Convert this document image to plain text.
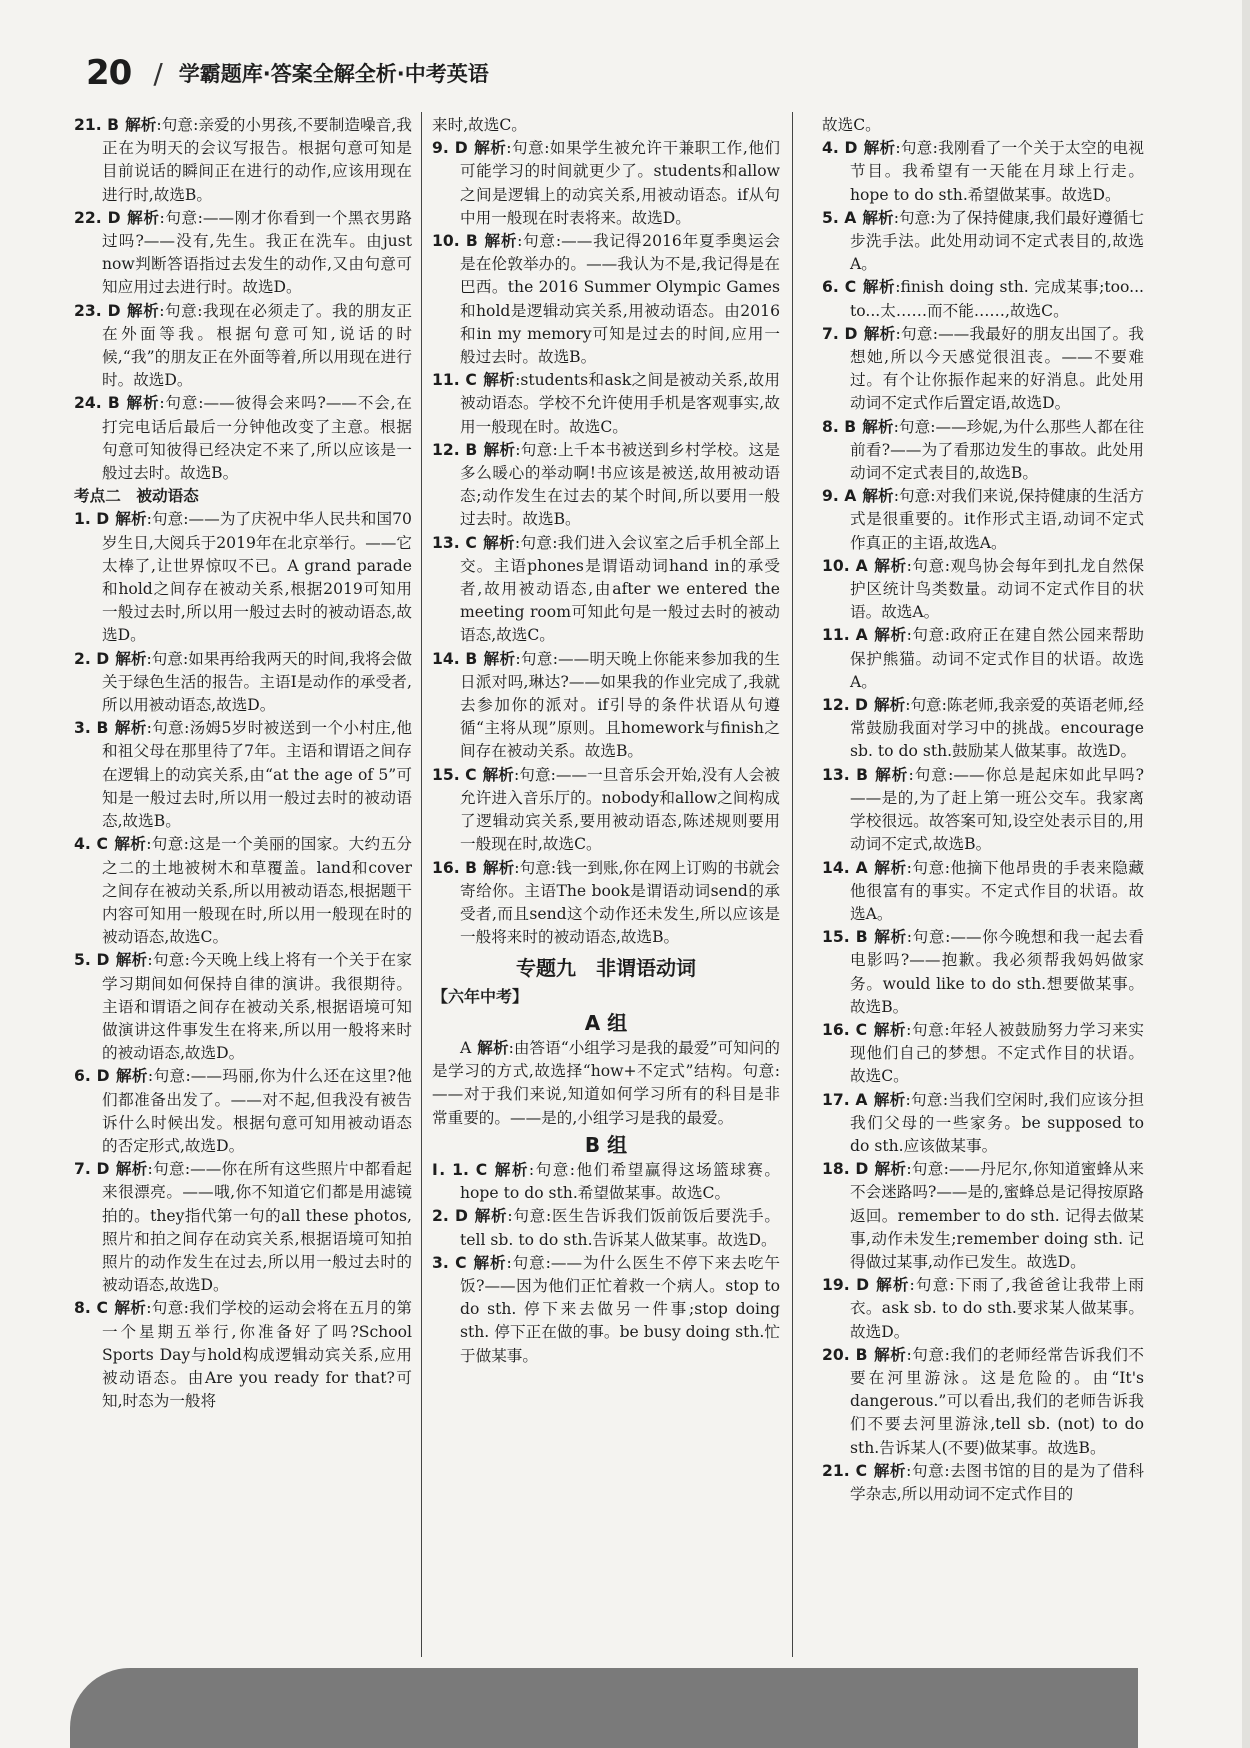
20 / 学霸题库·答案全解全析·中考英语

21. B 解析:句意:亲爱的小男孩,不要制造噪音,我正在为明天的会议写报告。根据句意可知是目前说话的瞬间正在进行的动作,应该用现在进行时,故选B。

22. D 解析:句意:——刚才你看到一个黑衣男路过吗?——没有,先生。我正在洗车。由just now判断答语指过去发生的动作,又由句意可知应用过去进行时。故选D。

23. D 解析:句意:我现在必须走了。我的朋友正在外面等我。根据句意可知,说话的时候,“我”的朋友正在外面等着,所以用现在进行时。故选D。

24. B 解析:句意:——彼得会来吗?——不会,在打完电话后最后一分钟他改变了主意。根据句意可知彼得已经决定不来了,所以应该是一般过去时。故选B。

考点二　被动语态

1. D 解析:句意:——为了庆祝中华人民共和国70岁生日,大阅兵于2019年在北京举行。——它太棒了,让世界惊叹不已。A grand parade和hold之间存在被动关系,根据2019可知用一般过去时,所以用一般过去时的被动语态,故选D。

2. D 解析:句意:如果再给我两天的时间,我将会做关于绿色生活的报告。主语I是动作的承受者,所以用被动语态,故选D。

3. B 解析:句意:汤姆5岁时被送到一个小村庄,他和祖父母在那里待了7年。主语和谓语之间存在逻辑上的动宾关系,由“at the age of 5”可知是一般过去时,所以用一般过去时的被动语态,故选B。

4. C 解析:句意:这是一个美丽的国家。大约五分之二的土地被树木和草覆盖。land和cover之间存在被动关系,所以用被动语态,根据题干内容可知用一般现在时,所以用一般现在时的被动语态,故选C。

5. D 解析:句意:今天晚上线上将有一个关于在家学习期间如何保持自律的演讲。我很期待。主语和谓语之间存在被动关系,根据语境可知做演讲这件事发生在将来,所以用一般将来时的被动语态,故选D。

6. D 解析:句意:——玛丽,你为什么还在这里?他们都准备出发了。——对不起,但我没有被告诉什么时候出发。根据句意可知用被动语态的否定形式,故选D。

7. D 解析:句意:——你在所有这些照片中都看起来很漂亮。——哦,你不知道它们都是用滤镜拍的。they指代第一句的all these photos,照片和拍之间存在动宾关系,根据语境可知拍照片的动作发生在过去,所以用一般过去时的被动语态,故选D。

8. C 解析:句意:我们学校的运动会将在五月的第一个星期五举行,你准备好了吗?School Sports Day与hold构成逻辑动宾关系,应用被动语态。由Are you ready for that?可知,时态为一般将

来时,故选C。

9. D 解析:句意:如果学生被允许干兼职工作,他们可能学习的时间就更少了。students和allow之间是逻辑上的动宾关系,用被动语态。if从句中用一般现在时表将来。故选D。

10. B 解析:句意:——我记得2016年夏季奥运会是在伦敦举办的。——我认为不是,我记得是在巴西。the 2016 Summer Olympic Games和hold是逻辑动宾关系,用被动语态。由2016和in my memory可知是过去的时间,应用一般过去时。故选B。

11. C 解析:students和ask之间是被动关系,故用被动语态。学校不允许使用手机是客观事实,故用一般现在时。故选C。

12. B 解析:句意:上千本书被送到乡村学校。这是多么暖心的举动啊!书应该是被送,故用被动语态;动作发生在过去的某个时间,所以要用一般过去时。故选B。

13. C 解析:句意:我们进入会议室之后手机全部上交。主语phones是谓语动词hand in的承受者,故用被动语态,由after we entered the meeting room可知此句是一般过去时的被动语态,故选C。

14. B 解析:句意:——明天晚上你能来参加我的生日派对吗,琳达?——如果我的作业完成了,我就去参加你的派对。if引导的条件状语从句遵循“主将从现”原则。且homework与finish之间存在被动关系。故选B。

15. C 解析:句意:——一旦音乐会开始,没有人会被允许进入音乐厅的。nobody和allow之间构成了逻辑动宾关系,要用被动语态,陈述规则要用一般现在时,故选C。

16. B 解析:句意:钱一到账,你在网上订购的书就会寄给你。主语The book是谓语动词send的承受者,而且send这个动作还未发生,所以应该是一般将来时的被动语态,故选B。

专题九　非谓语动词

【六年中考】

A 组

A 解析:由答语“小组学习是我的最爱”可知问的是学习的方式,故选择“how+不定式”结构。句意:——对于我们来说,知道如何学习所有的科目是非常重要的。——是的,小组学习是我的最爱。

B 组

Ⅰ. 1. C 解析:句意:他们希望赢得这场篮球赛。hope to do sth.希望做某事。故选C。

2. D 解析:句意:医生告诉我们饭前饭后要洗手。tell sb. to do sth.告诉某人做某事。故选D。

3. C 解析:句意:——为什么医生不停下来去吃午饭?——因为他们正忙着救一个病人。stop to do sth. 停下来去做另一件事;stop doing sth. 停下正在做的事。be busy doing sth.忙于做某事。

故选C。

4. D 解析:句意:我刚看了一个关于太空的电视节目。我希望有一天能在月球上行走。hope to do sth.希望做某事。故选D。

5. A 解析:句意:为了保持健康,我们最好遵循七步洗手法。此处用动词不定式表目的,故选A。

6. C 解析:finish doing sth. 完成某事;too... to...太……而不能……,故选C。

7. D 解析:句意:——我最好的朋友出国了。我想她,所以今天感觉很沮丧。——不要难过。有个让你振作起来的好消息。此处用动词不定式作后置定语,故选D。

8. B 解析:句意:——珍妮,为什么那些人都在往前看?——为了看那边发生的事故。此处用动词不定式表目的,故选B。

9. A 解析:句意:对我们来说,保持健康的生活方式是很重要的。it作形式主语,动词不定式作真正的主语,故选A。

10. A 解析:句意:观鸟协会每年到扎龙自然保护区统计鸟类数量。动词不定式作目的状语。故选A。

11. A 解析:句意:政府正在建自然公园来帮助保护熊猫。动词不定式作目的状语。故选A。

12. D 解析:句意:陈老师,我亲爱的英语老师,经常鼓励我面对学习中的挑战。encourage sb. to do sth.鼓励某人做某事。故选D。

13. B 解析:句意:——你总是起床如此早吗?——是的,为了赶上第一班公交车。我家离学校很远。故答案可知,设空处表示目的,用动词不定式,故选B。

14. A 解析:句意:他摘下他昂贵的手表来隐藏他很富有的事实。不定式作目的状语。故选A。

15. B 解析:句意:——你今晚想和我一起去看电影吗?——抱歉。我必须帮我妈妈做家务。would like to do sth.想要做某事。故选B。

16. C 解析:句意:年轻人被鼓励努力学习来实现他们自己的梦想。不定式作目的状语。故选C。

17. A 解析:句意:当我们空闲时,我们应该分担我们父母的一些家务。be supposed to do sth.应该做某事。

18. D 解析:句意:——丹尼尔,你知道蜜蜂从来不会迷路吗?——是的,蜜蜂总是记得按原路返回。remember to do sth. 记得去做某事,动作未发生;remember doing sth. 记得做过某事,动作已发生。故选D。

19. D 解析:句意:下雨了,我爸爸让我带上雨衣。ask sb. to do sth.要求某人做某事。故选D。

20. B 解析:句意:我们的老师经常告诉我们不要在河里游泳。这是危险的。由“It's dangerous.”可以看出,我们的老师告诉我们不要去河里游泳,tell sb. (not) to do sth.告诉某人(不要)做某事。故选B。

21. C 解析:句意:去图书馆的目的是为了借科学杂志,所以用动词不定式作目的
